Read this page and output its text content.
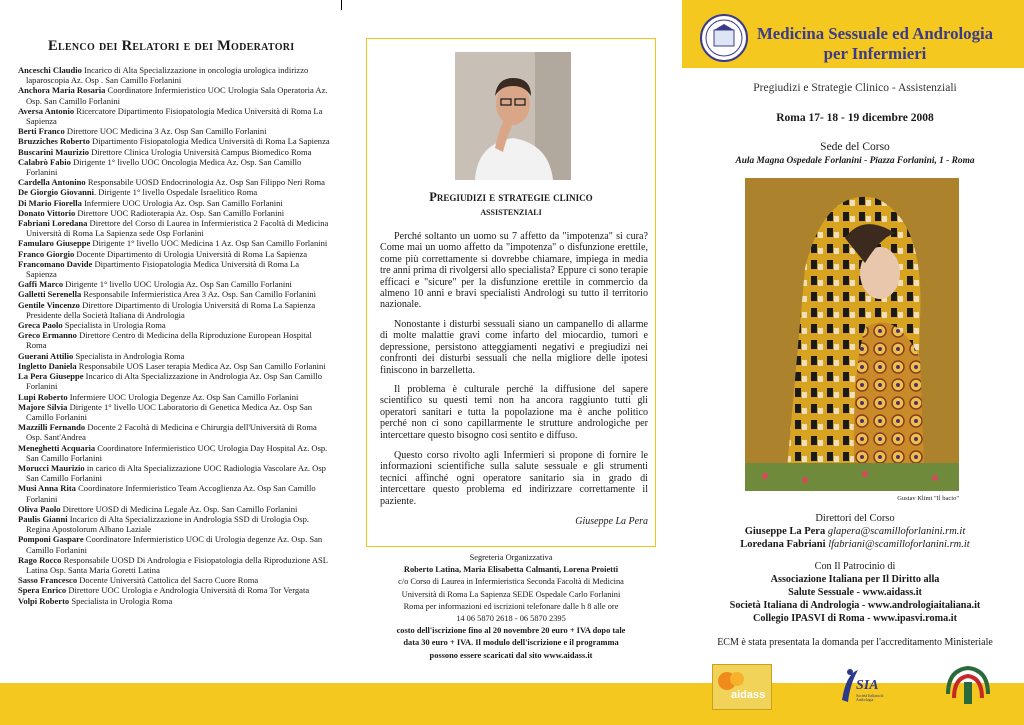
Elenco dei Relatori e dei Moderatori
Anceschi Claudio Incarico di Alta Specializzazione in oncologia urologica indirizzo laparoscopia Az. Osp . San Camillo Forlanini
Anchora Maria Rosaria Coordinatore Infermieristico UOC Urologia Sala Operatoria Az. Osp. San Camillo Forlanini
Aversa Antonio Ricercatore Dipartimento Fisiopatologia Medica Università di Roma La Sapienza
Berti Franco Direttore UOC Medicina 3 Az. Osp San Camillo Forlanini
Bruzziches Roberto Dipartimento Fisiopatologia Medica Università di Roma La Sapienza
Buscarini Maurizio Direttore Clinica Urologia Università Campus Biomedico Roma
Calabrò Fabio Dirigente 1° livello UOC Oncologia Medica Az. Osp. San Camillo Forlanini
Cardella Antonino Responsabile UOSD Endocrinologia Az. Osp San Filippo Neri Roma
De Giorgio Giovanni. Dirigente 1° livello Ospedale Israelitico Roma
Di Mario Fiorella Infermiere UOC Urologia Az. Osp. San Camillo Forlanini
Donato Vittorio Direttore UOC Radioterapia Az. Osp. San Camillo Forlanini
Fabriani Loredana Direttore del Corso di Laurea in Infermieristica 2 Facoltà di Medicina Università di Roma La Sapienza sede Osp Forlanini
Famularo Giuseppe Dirigente 1° livello UOC Medicina 1 Az. Osp San Camillo Forlanini
Franco Giorgio Docente Dipartimento di Urologia Università di Roma La Sapienza
Francomano Davide Dipartimento Fisiopatologia Medica Università di Roma La Sapienza
Gaffi Marco Dirigente 1° livello UOC Urologia Az. Osp San Camillo Forlanini
Galletti Serenella Responsabile Infermieristica Area 3 Az. Osp. San Camillo Forlanini
Gentile Vincenzo Direttore Dipartimento di Urologia Università di Roma La Sapienza Presidente della Società Italiana di Andrologia
Greca Paolo Specialista in Urologia Roma
Greco Ermanno Direttore Centro di Medicina della Riproduzione European Hospital Roma
Guerani Attilio Specialista in Andrologia Roma
Ingletto Daniela Responsabile UOS Laser terapia Medica Az. Osp San Camillo Forlanini
La Pera Giuseppe Incarico di Alta Specializzazione in Andrologia Az. Osp San Camillo Forlanini
Lupi Roberto Infermiere UOC Urologia Degenze Az. Osp San Camillo Forlanini
Majore Silvia Dirigente 1° livello UOC Laboratorio di Genetica Medica Az. Osp San Camillo Forlanini
Mazzilli Fernando Docente 2 Facoltà di Medicina e Chirurgia dell'Università di Roma Osp. Sant'Andrea
Meneghetti Acquaria Coordinatore Infermieristico UOC Urologia Day Hospital Az. Osp. San Camillo Forlanini
Morucci Maurizio in carico di Alta Specializzazione UOC Radiologia Vascolare Az. Osp San Camillo Forlanini
Musi Anna Rita Coordinatore Infermieristico Team Accoglienza Az. Osp San Camillo Forlanini
Oliva Paolo Direttore UOSD di Medicina Legale Az. Osp. San Camillo Forlanini
Paulis Gianni Incarico di Alta Specializzazione in Andrologia SSD di Urologia Osp. Regina Apostolorum Albano Laziale
Pomponi Gaspare Coordinatore Infermieristico UOC di Urologia degenze Az. Osp. San Camillo Forlanini
Rago Rocco Responsabile UOSD Di Andrologia e Fisiopatologia della Riproduzione ASL Latina Osp. Santa Maria Goretti Latina
Sasso Francesco Docente Università Cattolica del Sacro Cuore Roma
Spera Enrico Direttore UOC Urologia e Andrologia Università di Roma Tor Vergata
Volpi Roberto Specialista in Urologia Roma
Pregiudizi e strategie clinico
assistenziali
Perché soltanto un uomo su 7 affetto da "impotenza" si cura? Come mai un uomo affetto da "impotenza" o disfunzione erettile, come più correttamente si dovrebbe chiamare, impiega in media tre anni prima di rivolgersi allo specialista? Eppure ci sono terapie efficaci e "sicure" per la disfunzione erettile in commercio da almeno 10 anni e bravi specialisti Andrologi su tutto il territorio nazionale.
Nonostante i disturbi sessuali siano un campanello di allarme di molte malattie gravi come infarto del miocardio, tumori e depressione, persistono atteggiamenti negativi e pregiudizi nei confronti dei disturbi sessuali che nella migliore delle ipotesi finiscono in barzelletta.
Il problema è culturale perché la diffusione del sapere scientifico su questi temi non ha ancora raggiunto tutti gli operatori sanitari e tutta la popolazione ma è anche politico perché non ci sono capillarmente le strutture andrologiche per intercettare questo bisogno così sentito e diffuso.
Questo corso rivolto agli Infermieri si propone di fornire le informazioni scientifiche sulla salute sessuale e gli strumenti tecnici affinché ogni operatore sanitario sia in grado di intercettare questo problema ed indirizzare correttamente il paziente.
Giuseppe La Pera
Segreteria Organizzativa
Roberto Latina, Maria Elisabetta Calmanti, Lorena Proietti
c/o Corso di Laurea in Infermieristica Seconda Facoltà di Medicina
Università di Roma La Sapienza SEDE Ospedale Carlo Forlanini
Roma per informazioni ed iscrizioni telefonare dalle h 8 alle ore
14 06 5870 2618 - 06 5870 2395
costo dell'iscrizione fino al 20 novembre 20 euro + IVA dopo tale
data 30 euro + IVA. Il modulo dell'iscrizione e il programma
possono essere scaricati dal sito www.aidass.it
Medicina Sessuale ed Andrologia
per Infermieri
Pregiudizi e Strategie Clinico - Assistenziali
Roma 17- 18 - 19 dicembre 2008
Sede del Corso
Aula Magna Ospedale Forlanini - Piazza Forlanini, 1 - Roma
Gustav Klimt "Il bacio"
Direttori del Corso
Giuseppe La Pera glapera@scamilloforlanini.rm.it
Loredana Fabriani lfabriani@scamilloforlanini.rm.it
Con Il Patrocinio di
Associazione Italiana per Il Diritto alla
Salute Sessuale - www.aidass.it
Società Italiana di Andrologia - www.andrologiaitaliana.it
Collegio IPASVI di Roma - www.ipasvi.roma.it
ECM è stata presentata la domanda per l'accreditamento Ministeriale
aidass
SIA
Società Italiana di Andrologia
